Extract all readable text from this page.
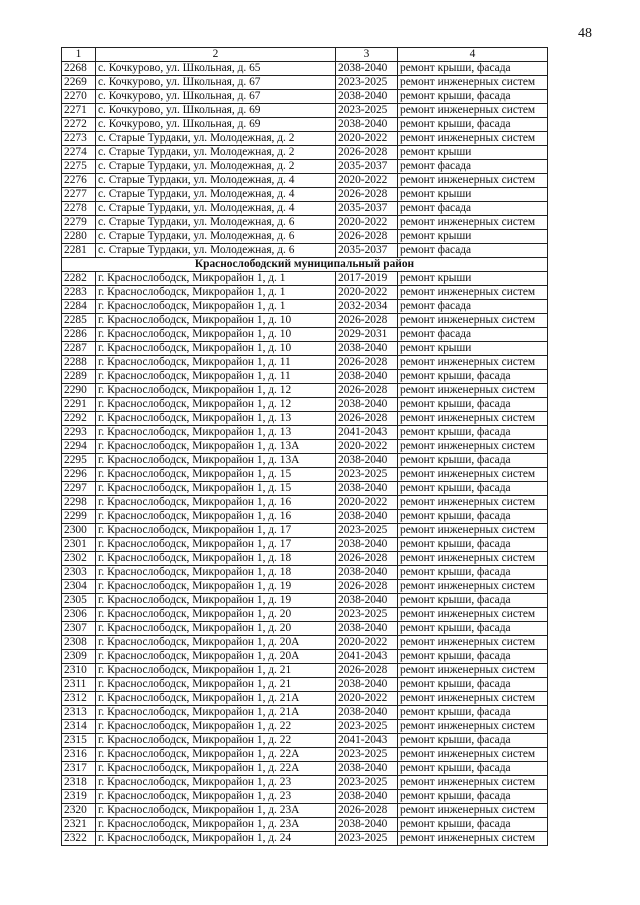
48
1	2	3	4
2268	с. Кочкурово, ул. Школьная, д. 65	2038-2040	ремонт крыши, фасада
2269	с. Кочкурово, ул. Школьная, д. 67	2023-2025	ремонт инженерных систем
2270	с. Кочкурово, ул. Школьная, д. 67	2038-2040	ремонт крыши, фасада
2271	с. Кочкурово, ул. Школьная, д. 69	2023-2025	ремонт инженерных систем
2272	с. Кочкурово, ул. Школьная, д. 69	2038-2040	ремонт крыши, фасада
2273	с. Старые Турдаки, ул. Молодежная, д. 2	2020-2022	ремонт инженерных систем
2274	с. Старые Турдаки, ул. Молодежная, д. 2	2026-2028	ремонт крыши
2275	с. Старые Турдаки, ул. Молодежная, д. 2	2035-2037	ремонт фасада
2276	с. Старые Турдаки, ул. Молодежная, д. 4	2020-2022	ремонт инженерных систем
2277	с. Старые Турдаки, ул. Молодежная, д. 4	2026-2028	ремонт крыши
2278	с. Старые Турдаки, ул. Молодежная, д. 4	2035-2037	ремонт фасада
2279	с. Старые Турдаки, ул. Молодежная, д. 6	2020-2022	ремонт инженерных систем
2280	с. Старые Турдаки, ул. Молодежная, д. 6	2026-2028	ремонт крыши
2281	с. Старые Турдаки, ул. Молодежная, д. 6	2035-2037	ремонт фасада
Краснослободский муниципальный район			
2282	г. Краснослободск, Микрорайон 1, д. 1	2017-2019	ремонт крыши
2283	г. Краснослободск, Микрорайон 1, д. 1	2020-2022	ремонт инженерных систем
2284	г. Краснослободск, Микрорайон 1, д. 1	2032-2034	ремонт фасада
2285	г. Краснослободск, Микрорайон 1, д. 10	2026-2028	ремонт инженерных систем
2286	г. Краснослободск, Микрорайон 1, д. 10	2029-2031	ремонт фасада
2287	г. Краснослободск, Микрорайон 1, д. 10	2038-2040	ремонт крыши
2288	г. Краснослободск, Микрорайон 1, д. 11	2026-2028	ремонт инженерных систем
2289	г. Краснослободск, Микрорайон 1, д. 11	2038-2040	ремонт крыши, фасада
2290	г. Краснослободск, Микрорайон 1, д. 12	2026-2028	ремонт инженерных систем
2291	г. Краснослободск, Микрорайон 1, д. 12	2038-2040	ремонт крыши, фасада
2292	г. Краснослободск, Микрорайон 1, д. 13	2026-2028	ремонт инженерных систем
2293	г. Краснослободск, Микрорайон 1, д. 13	2041-2043	ремонт крыши, фасада
2294	г. Краснослободск, Микрорайон 1, д. 13А	2020-2022	ремонт инженерных систем
2295	г. Краснослободск, Микрорайон 1, д. 13А	2038-2040	ремонт крыши, фасада
2296	г. Краснослободск, Микрорайон 1, д. 15	2023-2025	ремонт инженерных систем
2297	г. Краснослободск, Микрорайон 1, д. 15	2038-2040	ремонт крыши, фасада
2298	г. Краснослободск, Микрорайон 1, д. 16	2020-2022	ремонт инженерных систем
2299	г. Краснослободск, Микрорайон 1, д. 16	2038-2040	ремонт крыши, фасада
2300	г. Краснослободск, Микрорайон 1, д. 17	2023-2025	ремонт инженерных систем
2301	г. Краснослободск, Микрорайон 1, д. 17	2038-2040	ремонт крыши, фасада
2302	г. Краснослободск, Микрорайон 1, д. 18	2026-2028	ремонт инженерных систем
2303	г. Краснослободск, Микрорайон 1, д. 18	2038-2040	ремонт крыши, фасада
2304	г. Краснослободск, Микрорайон 1, д. 19	2026-2028	ремонт инженерных систем
2305	г. Краснослободск, Микрорайон 1, д. 19	2038-2040	ремонт крыши, фасада
2306	г. Краснослободск, Микрорайон 1, д. 20	2023-2025	ремонт инженерных систем
2307	г. Краснослободск, Микрорайон 1, д. 20	2038-2040	ремонт крыши, фасада
2308	г. Краснослободск, Микрорайон 1, д. 20А	2020-2022	ремонт инженерных систем
2309	г. Краснослободск, Микрорайон 1, д. 20А	2041-2043	ремонт крыши, фасада
2310	г. Краснослободск, Микрорайон 1, д. 21	2026-2028	ремонт инженерных систем
2311	г. Краснослободск, Микрорайон 1, д. 21	2038-2040	ремонт крыши, фасада
2312	г. Краснослободск, Микрорайон 1, д. 21А	2020-2022	ремонт инженерных систем
2313	г. Краснослободск, Микрорайон 1, д. 21А	2038-2040	ремонт крыши, фасада
2314	г. Краснослободск, Микрорайон 1, д. 22	2023-2025	ремонт инженерных систем
2315	г. Краснослободск, Микрорайон 1, д. 22	2041-2043	ремонт крыши, фасада
2316	г. Краснослободск, Микрорайон 1, д. 22А	2023-2025	ремонт инженерных систем
2317	г. Краснослободск, Микрорайон 1, д. 22А	2038-2040	ремонт крыши, фасада
2318	г. Краснослободск, Микрорайон 1, д. 23	2023-2025	ремонт инженерных систем
2319	г. Краснослободск, Микрорайон 1, д. 23	2038-2040	ремонт крыши, фасада
2320	г. Краснослободск, Микрорайон 1, д. 23А	2026-2028	ремонт инженерных систем
2321	г. Краснослободск, Микрорайон 1, д. 23А	2038-2040	ремонт крыши, фасада
2322	г. Краснослободск, Микрорайон 1, д. 24	2023-2025	ремонт инженерных систем
